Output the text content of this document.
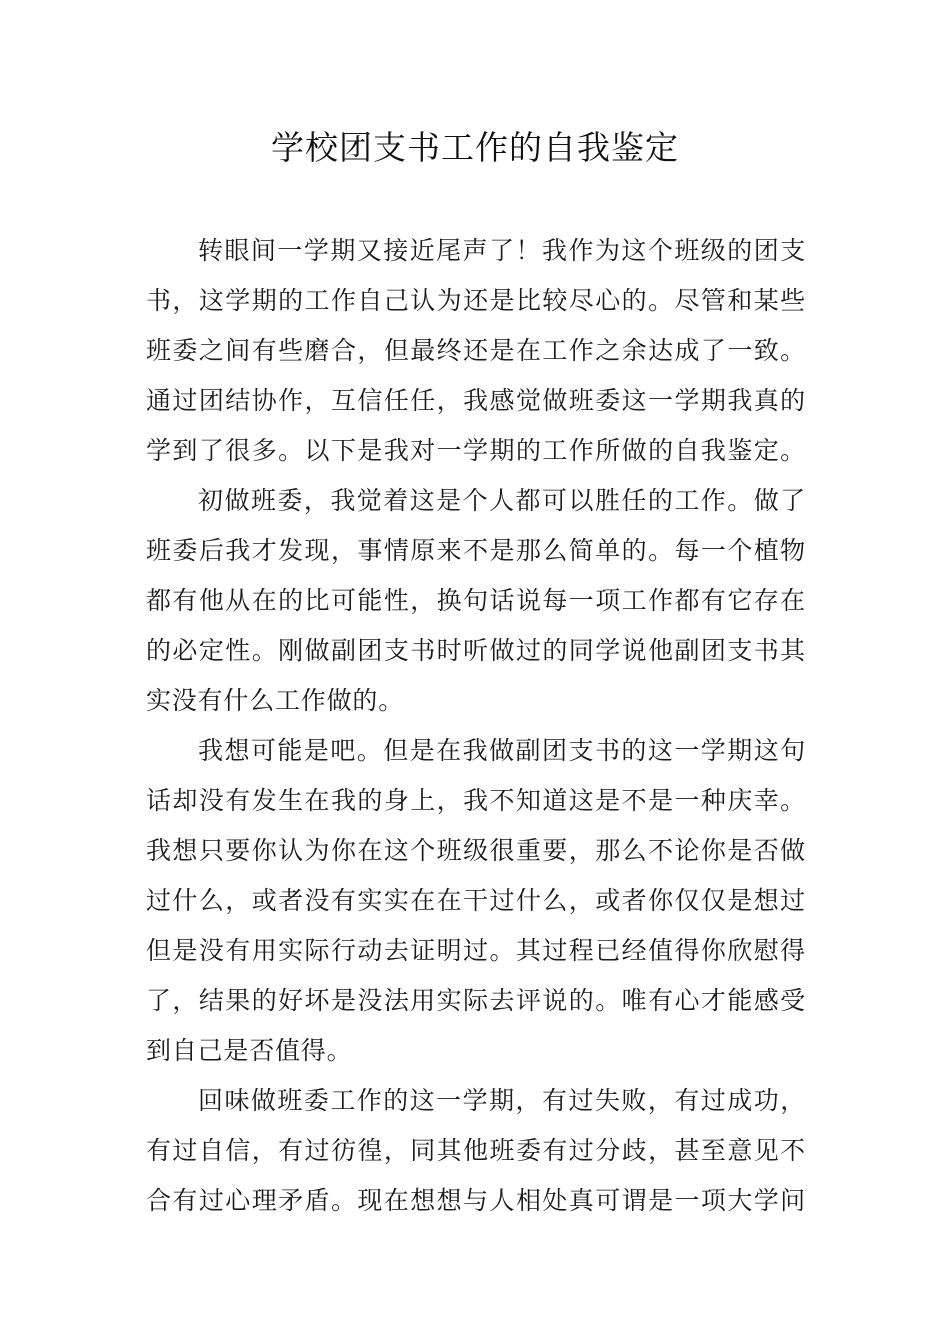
学校团支书工作的自我鉴定
转眼间一学期又接近尾声了！我作为这个班级的团支
书，这学期的工作自己认为还是比较尽心的。尽管和某些
班委之间有些磨合，但最终还是在工作之余达成了一致。
通过团结协作，互信任任，我感觉做班委这一学期我真的
学到了很多。以下是我对一学期的工作所做的自我鉴定。
初做班委，我觉着这是个人都可以胜任的工作。做了
班委后我才发现，事情原来不是那么简单的。每一个植物
都有他从在的比可能性，换句话说每一项工作都有它存在
的必定性。刚做副团支书时听做过的同学说他副团支书其
实没有什么工作做的。
我想可能是吧。但是在我做副团支书的这一学期这句
话却没有发生在我的身上，我不知道这是不是一种庆幸。
我想只要你认为你在这个班级很重要，那么不论你是否做
过什么，或者没有实实在在干过什么，或者你仅仅是想过
但是没有用实际行动去证明过。其过程已经值得你欣慰得
了，结果的好坏是没法用实际去评说的。唯有心才能感受
到自己是否值得。
回味做班委工作的这一学期，有过失败，有过成功，
有过自信，有过彷徨，同其他班委有过分歧，甚至意见不
合有过心理矛盾。现在想想与人相处真可谓是一项大学问
